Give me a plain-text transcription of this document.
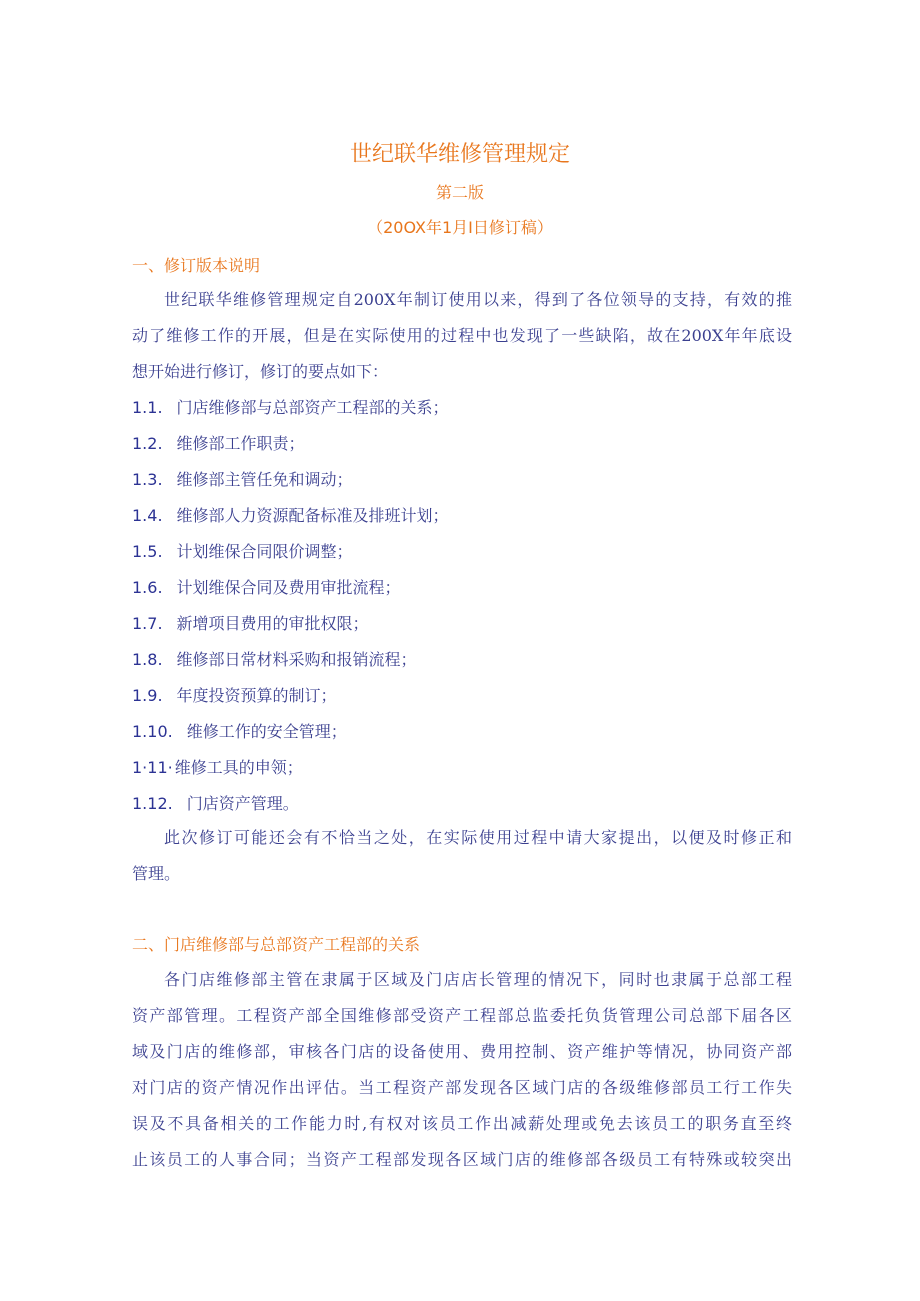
世纪联华维修管理规定
第二版
（20OX年1月I日修订稿）
一、修订版本说明
世纪联华维修管理规定自200X年制订使用以来，得到了各位领导的支持，有效的推
动了维修工作的开展，但是在实际使用的过程中也发现了一些缺陷，故在200X年年底设
想开始进行修订，修订的要点如下：
1.1. 门店维修部与总部资产工程部的关系；
1.2. 维修部工作职责；
1.3. 维修部主管任免和调动；
1.4. 维修部人力资源配备标准及排班计划；
1.5. 计划维保合同限价调整；
1.6. 计划维保合同及费用审批流程；
1.7. 新增项目费用的审批权限；
1.8. 维修部日常材料采购和报销流程；
1.9. 年度投资预算的制订；
1.10. 维修工作的安全管理；
1·11· 维修工具的申领；
1.12. 门店资产管理。
此次修订可能还会有不恰当之处，在实际使用过程中请大家提出，以便及时修正和
管理。
二、门店维修部与总部资产工程部的关系
各门店维修部主管在隶属于区域及门店店长管理的情况下，同时也隶属于总部工程
资产部管理。工程资产部全国维修部受资产工程部总监委托负货管理公司总部下届各区
域及门店的维修部，审核各门店的设备使用、费用控制、资产维护等情况，协同资产部
对门店的资产情况作出评估。当工程资产部发现各区域门店的各级维修部员工行工作失
误及不具备相关的工作能力时,有权对该员工作出减薪处理或免去该员工的职务直至终
止该员工的人事合同；当资产工程部发现各区域门店的维修部各级员工有特殊或较突出
